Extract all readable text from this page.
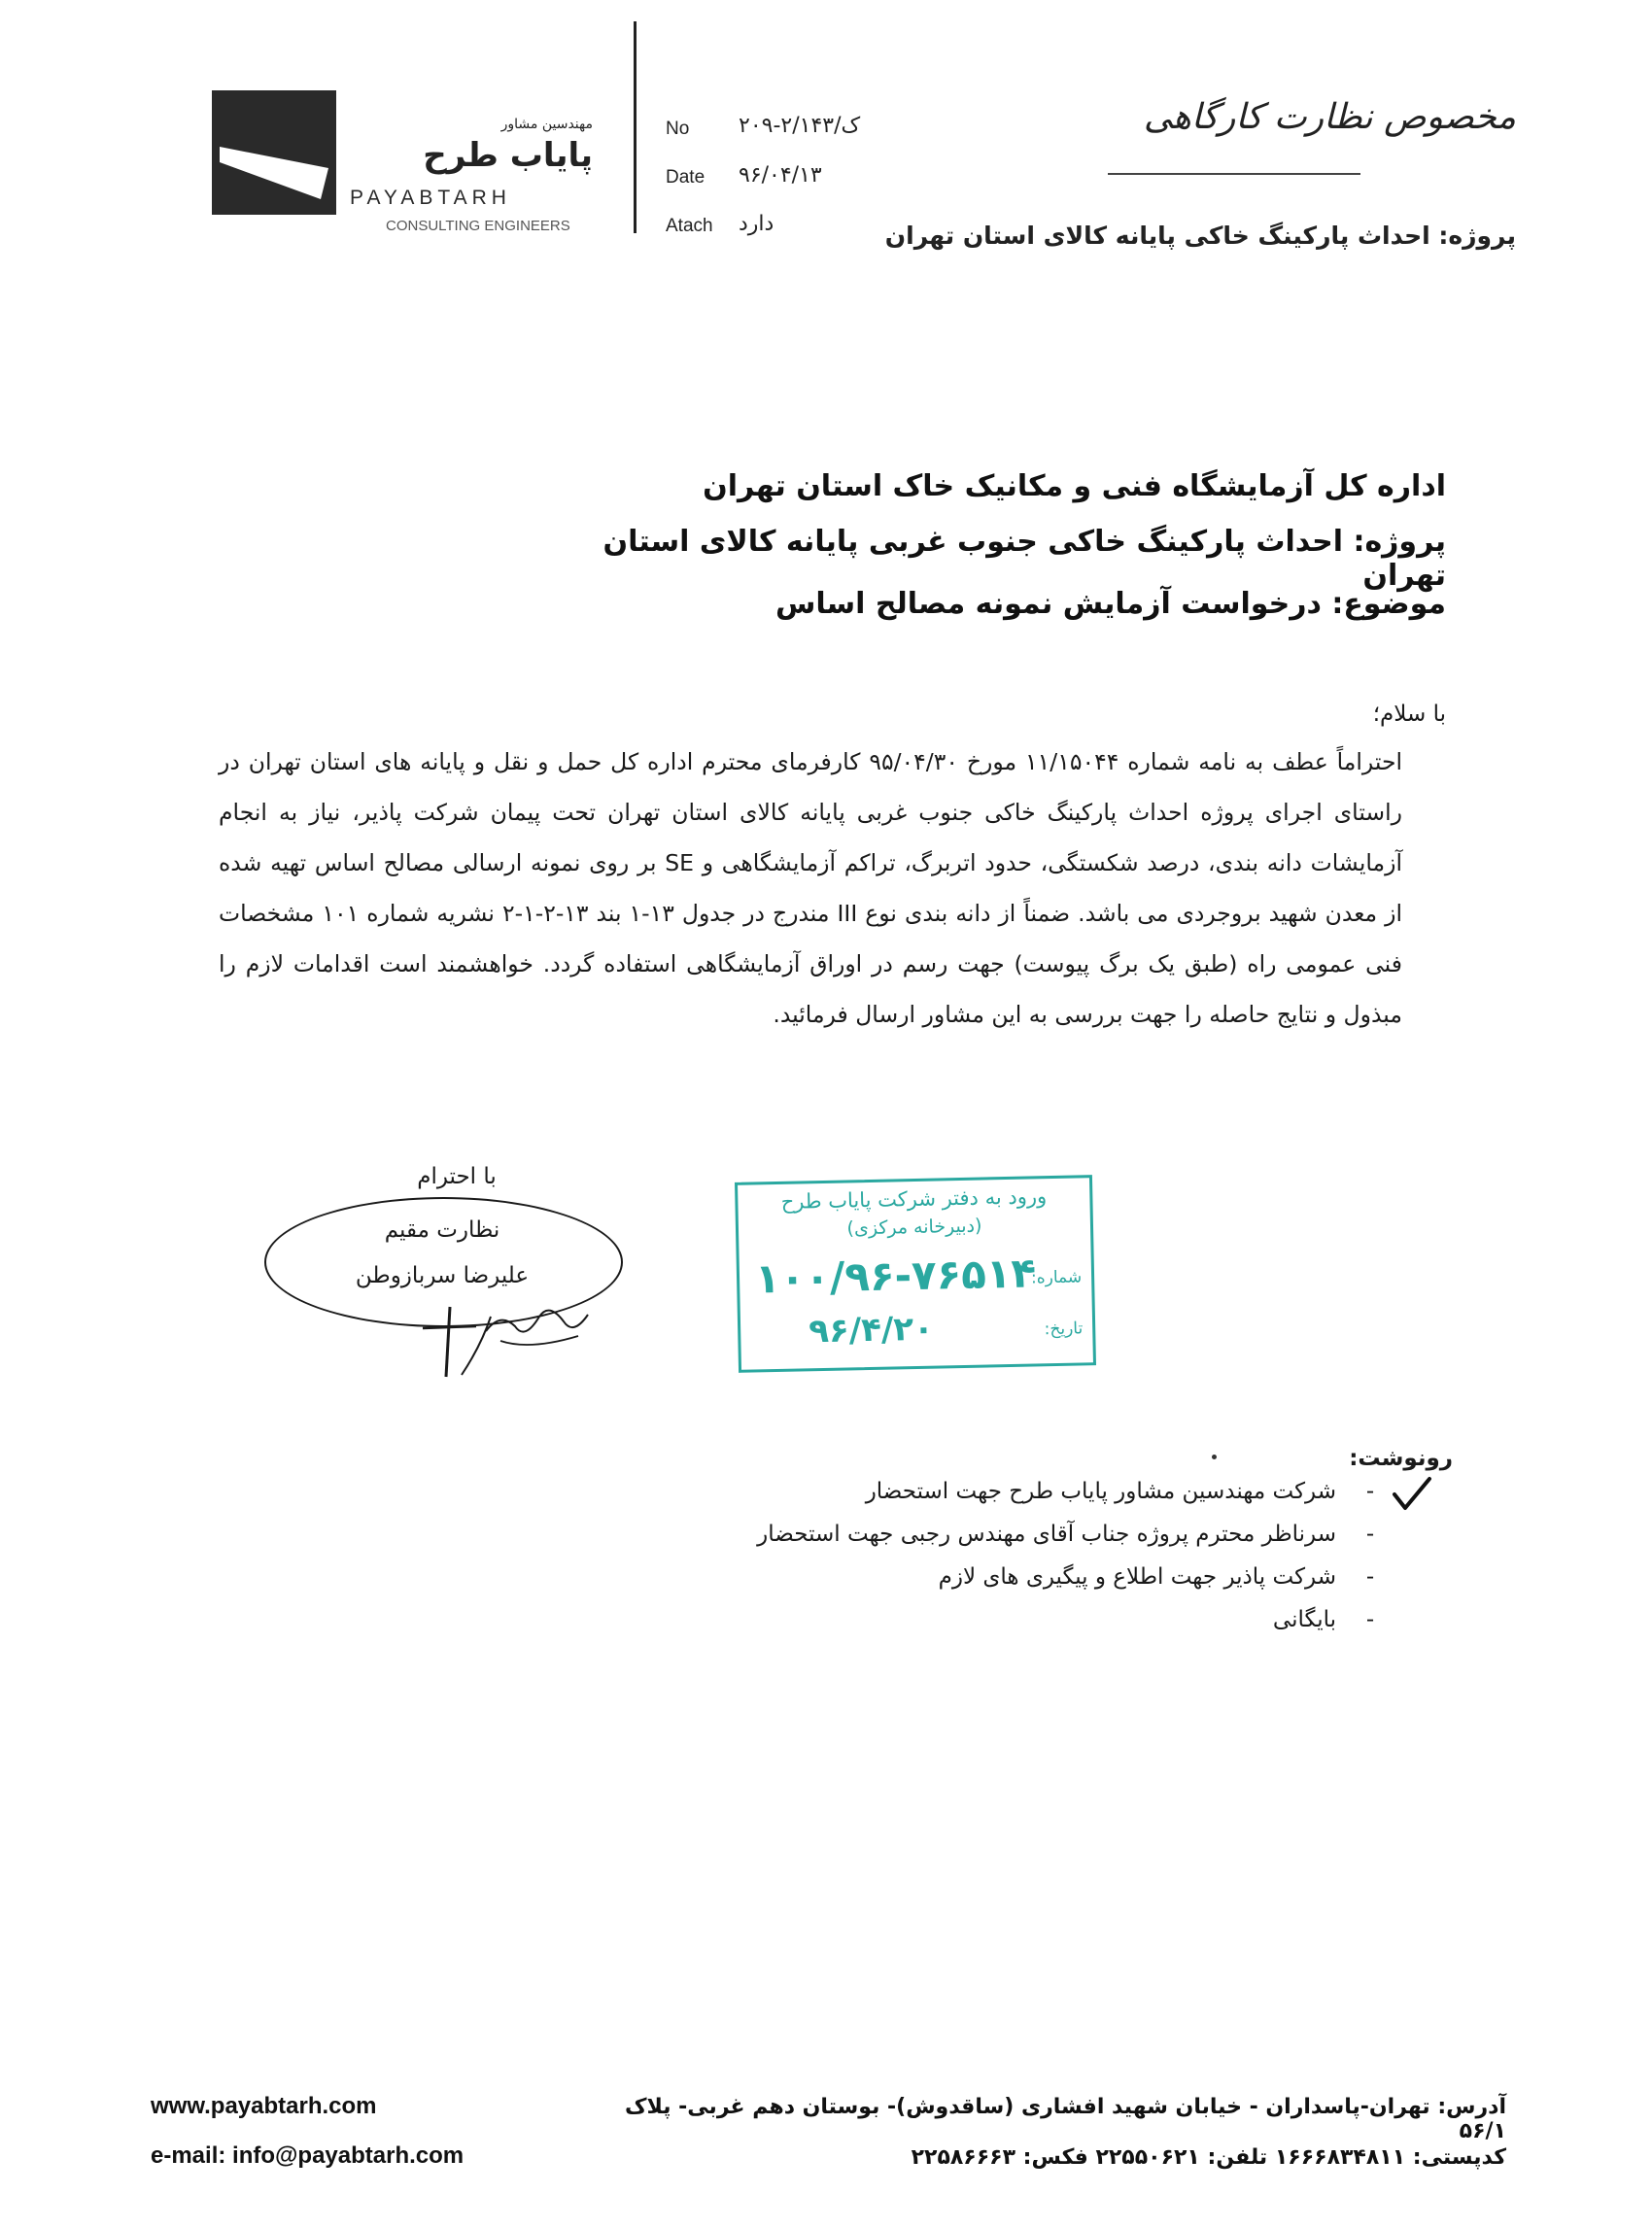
مهندسین مشاور
پایاب طرح
PAYABTARH
CONSULTING ENGINEERS
No ۲۰۹-۲/ک/۱۴۳
Date ۹۶/۰۴/۱۳
Atach دارد
مخصوص نظارت کارگاهی
پروژه: احداث پارکینگ خاکی پایانه کالای استان تهران
اداره کل آزمایشگاه فنی و مکانیک خاک استان تهران
پروژه: احداث پارکینگ خاکی جنوب غربی پایانه کالای استان تهران
موضوع: درخواست آزمایش نمونه مصالح اساس
با سلام؛
احتراماً عطف به نامه شماره ۱۱/۱۵۰۴۴ مورخ ۹۵/۰۴/۳۰ کارفرمای محترم اداره کل حمل و نقل و پایانه های استان تهران در راستای اجرای پروژه احداث پارکینگ خاکی جنوب غربی پایانه کالای استان تهران تحت پیمان شرکت پاذیر، نیاز به انجام آزمایشات دانه بندی، درصد شکستگی، حدود اتربرگ، تراکم آزمایشگاهی و SE بر روی نمونه ارسالی مصالح اساس تهیه شده از معدن شهید بروجردی می باشد. ضمناً از دانه بندی نوع III مندرج در جدول ۱۳-۱ بند ۱۳-۲-۱-۲ نشریه شماره ۱۰۱ مشخصات فنی عمومی راه (طبق یک برگ پیوست) جهت رسم در اوراق آزمایشگاهی استفاده گردد. خواهشمند است اقدامات لازم را مبذول و نتایج حاصله را جهت بررسی به این مشاور ارسال فرمائید.
با احترام
نظارت مقیم
علیرضا سربازوطن
ورود به دفتر شرکت پایاب طرح
(دبیرخانه مرکزی)
شماره:
۱۰۰/۹۶-۷۶۵۱۴
تاریخ:
۹۶/۴/۲۰
رونوشت:
-
شرکت مهندسین مشاور پایاب طرح جهت استحضار
-
سرناظر محترم پروژه جناب آقای مهندس رجبی جهت استحضار
-
شرکت پاذیر جهت اطلاع و پیگیری های لازم
-
بایگانی
www.payabtarh.com
e-mail: info@payabtarh.com
آدرس: تهران-پاسداران - خیابان شهید افشاری (ساقدوش)- بوستان دهم غربی- پلاک ۵۶/۱
کدپستی: ۱۶۶۶۸۳۴۸۱۱ تلفن: ۲۲۵۵۰۶۲۱ فکس: ۲۲۵۸۶۶۶۳
